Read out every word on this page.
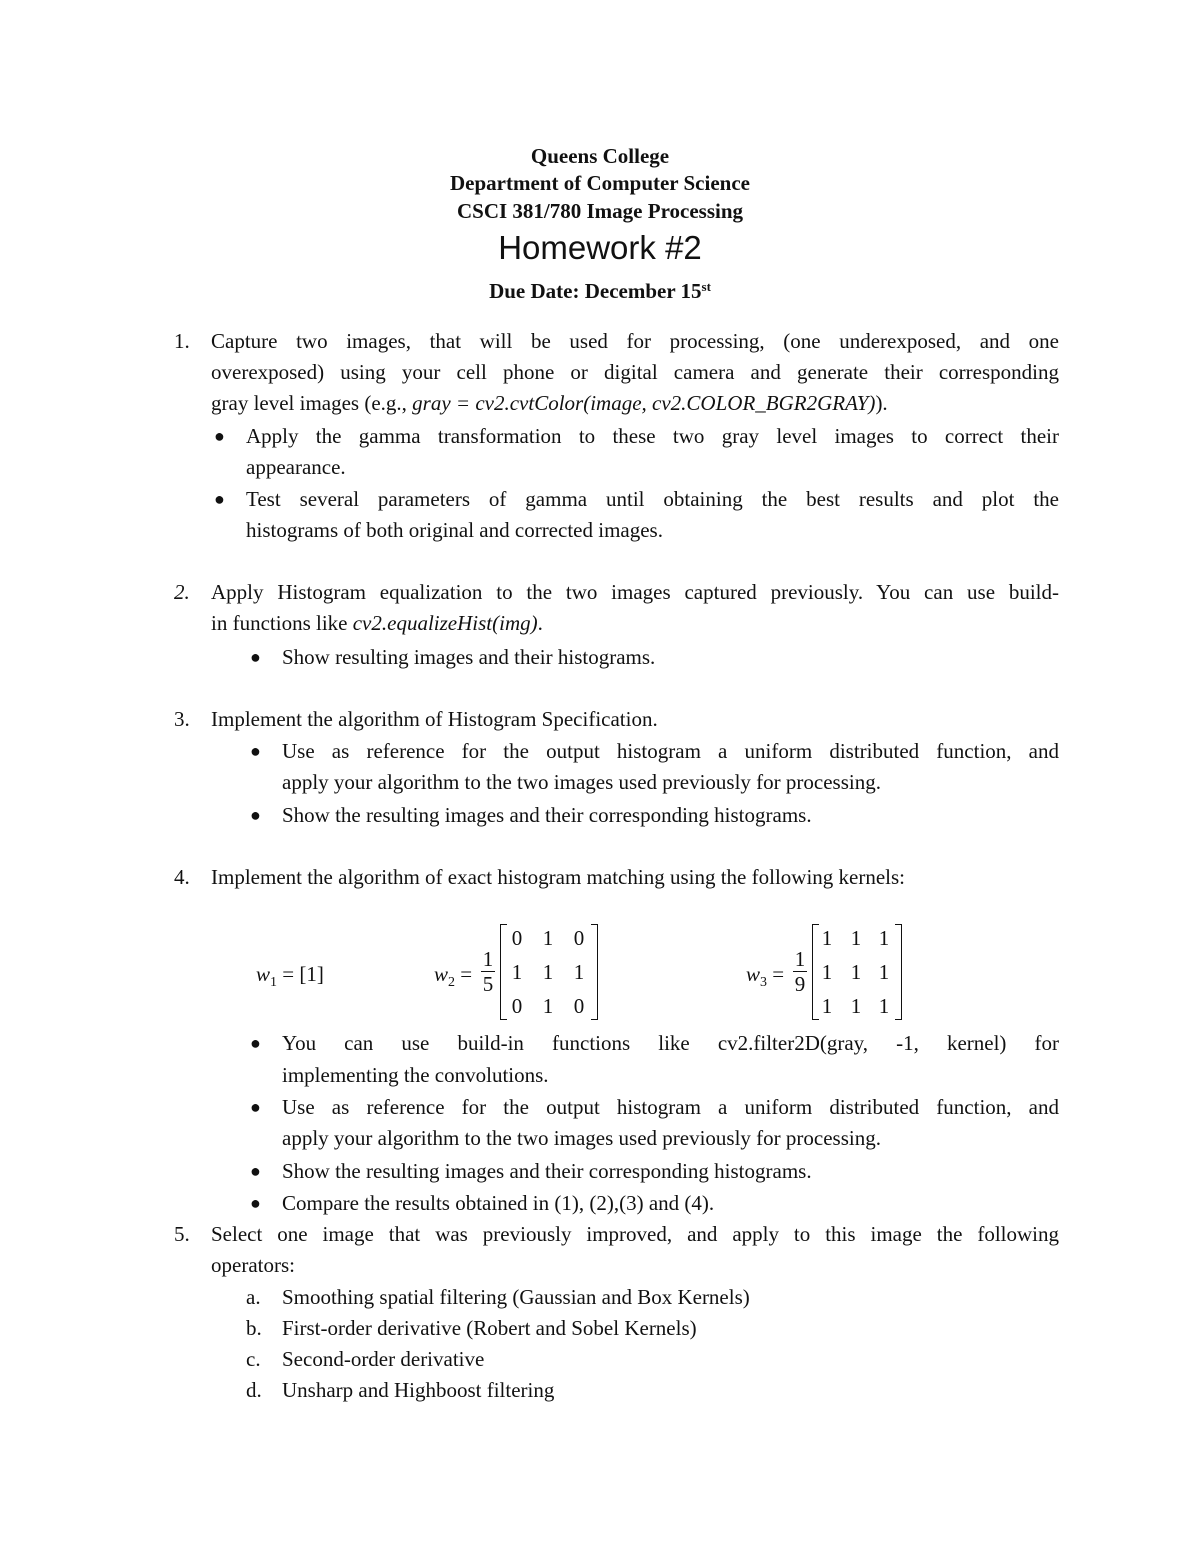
Queens College
Department of Computer Science
CSCI 381/780 Image Processing
Homework #2
Due Date: December 15st
1. Capture two images, that will be used for processing, (one underexposed, and one
overexposed) using your cell phone or digital camera and generate their corresponding
gray level images (e.g., gray = cv2.cvtColor(image, cv2.COLOR_BGR2GRAY)).
● Apply the gamma transformation to these two gray level images to correct their
appearance.
● Test several parameters of gamma until obtaining the best results and plot the
histograms of both original and corrected images.
2. Apply Histogram equalization to the two images captured previously. You can use build-
in functions like cv2.equalizeHist(img).
● Show resulting images and their histograms.
3. Implement the algorithm of Histogram Specification.
● Use as reference for the output histogram a uniform distributed function, and
apply your algorithm to the two images used previously for processing.
● Show the resulting images and their corresponding histograms.
4. Implement the algorithm of exact histogram matching using the following kernels:
$w_1 = [1]$	$w_2$ =
1
5
0 1 0
1 1 1
0 1 0
$w_3$ =
1
9
1 1 1
1 1 1
1 1 1
● You can use build-in functions like cv2.filter2D(gray, -1, kernel) for
implementing the convolutions.
● Use as reference for the output histogram a uniform distributed function, and
apply your algorithm to the two images used previously for processing.
● Show the resulting images and their corresponding histograms.
● Compare the results obtained in (1), (2),(3) and (4).
5. Select one image that was previously improved, and apply to this image the following
operators:
a. Smoothing spatial filtering (Gaussian and Box Kernels)
b. First-order derivative (Robert and Sobel Kernels)
c. Second-order derivative
d. Unsharp and Highboost filtering
